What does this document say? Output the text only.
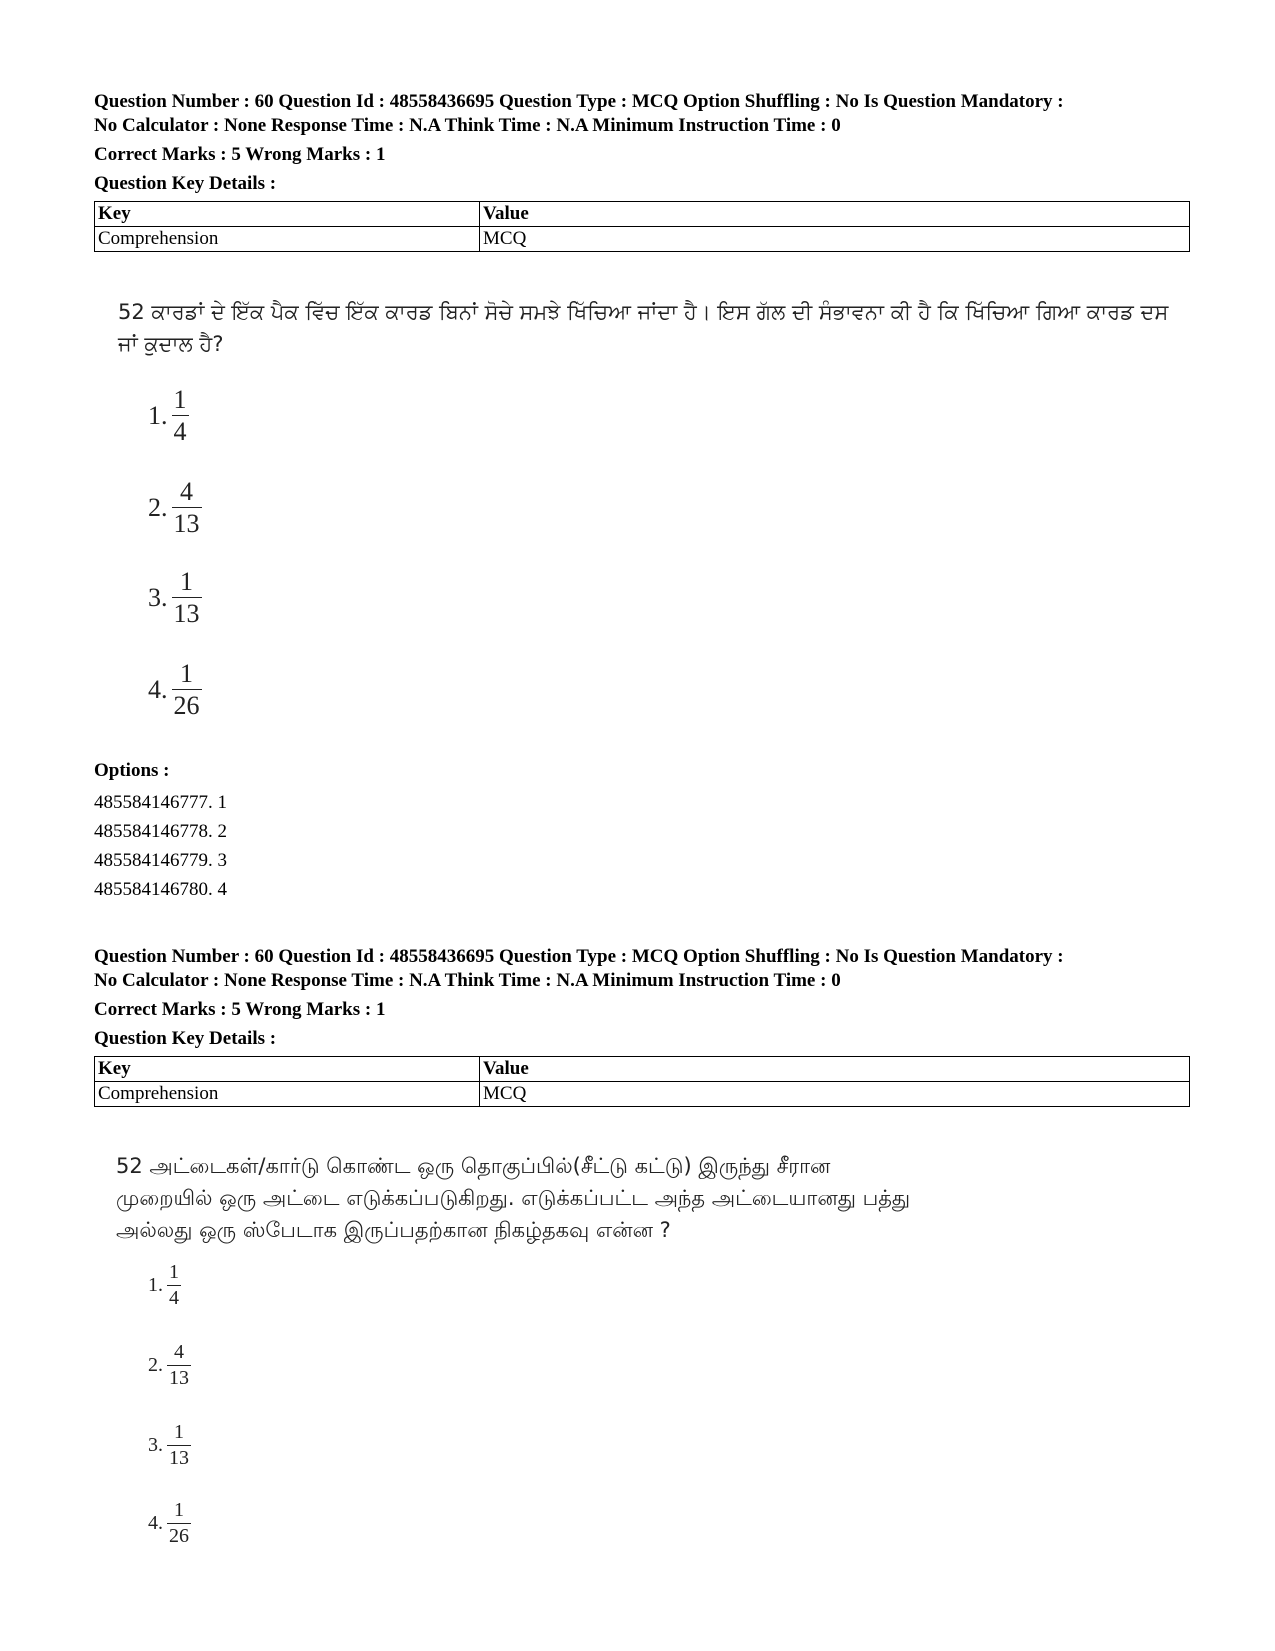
Question Number : 60 Question Id : 48558436695 Question Type : MCQ Option Shuffling : No Is Question Mandatory :
No Calculator : None Response Time : N.A Think Time : N.A Minimum Instruction Time : 0

Correct Marks : 5 Wrong Marks : 1

Question Key Details :

Key	Value
Comprehension	MCQ

52 ਕਾਰਡਾਂ ਦੇ ਇੱਕ ਪੈਕ ਵਿੱਚ ਇੱਕ ਕਾਰਡ ਬਿਨਾਂ ਸੋਚੇ ਸਮਝੇ ਖਿੱਚਿਆ ਜਾਂਦਾ ਹੈ। ਇਸ ਗੱਲ ਦੀ ਸੰਭਾਵਨਾ ਕੀ ਹੈ ਕਿ ਖਿੱਚਿਆ ਗਿਆ ਕਾਰਡ ਦਸ ਜਾਂ ਕੁਦਾਲ ਹੈ?

1. $\frac{1}{4}$
2. $\frac{4}{13}$
3. $\frac{1}{13}$
4. $\frac{1}{26}$

Options :

485584146777. 1

485584146778. 2

485584146779. 3

485584146780. 4

Question Number : 60 Question Id : 48558436695 Question Type : MCQ Option Shuffling : No Is Question Mandatory :
No Calculator : None Response Time : N.A Think Time : N.A Minimum Instruction Time : 0

Correct Marks : 5 Wrong Marks : 1

Question Key Details :

Key	Value
Comprehension	MCQ

52 அட்டைகள்/கார்டு கொண்ட ஒரு தொகுப்பில்(சீட்டு கட்டு) இருந்து சீரான

முறையில் ஒரு அட்டை எடுக்கப்படுகிறது. எடுக்கப்பட்ட அந்த அட்டையானது பத்து

அல்லது ஒரு ஸ்பேடாக இருப்பதற்கான நிகழ்தகவு என்ன ?

1. $\frac{1}{4}$
2. $\frac{4}{13}$
3. $\frac{1}{13}$
4. $\frac{1}{26}$
